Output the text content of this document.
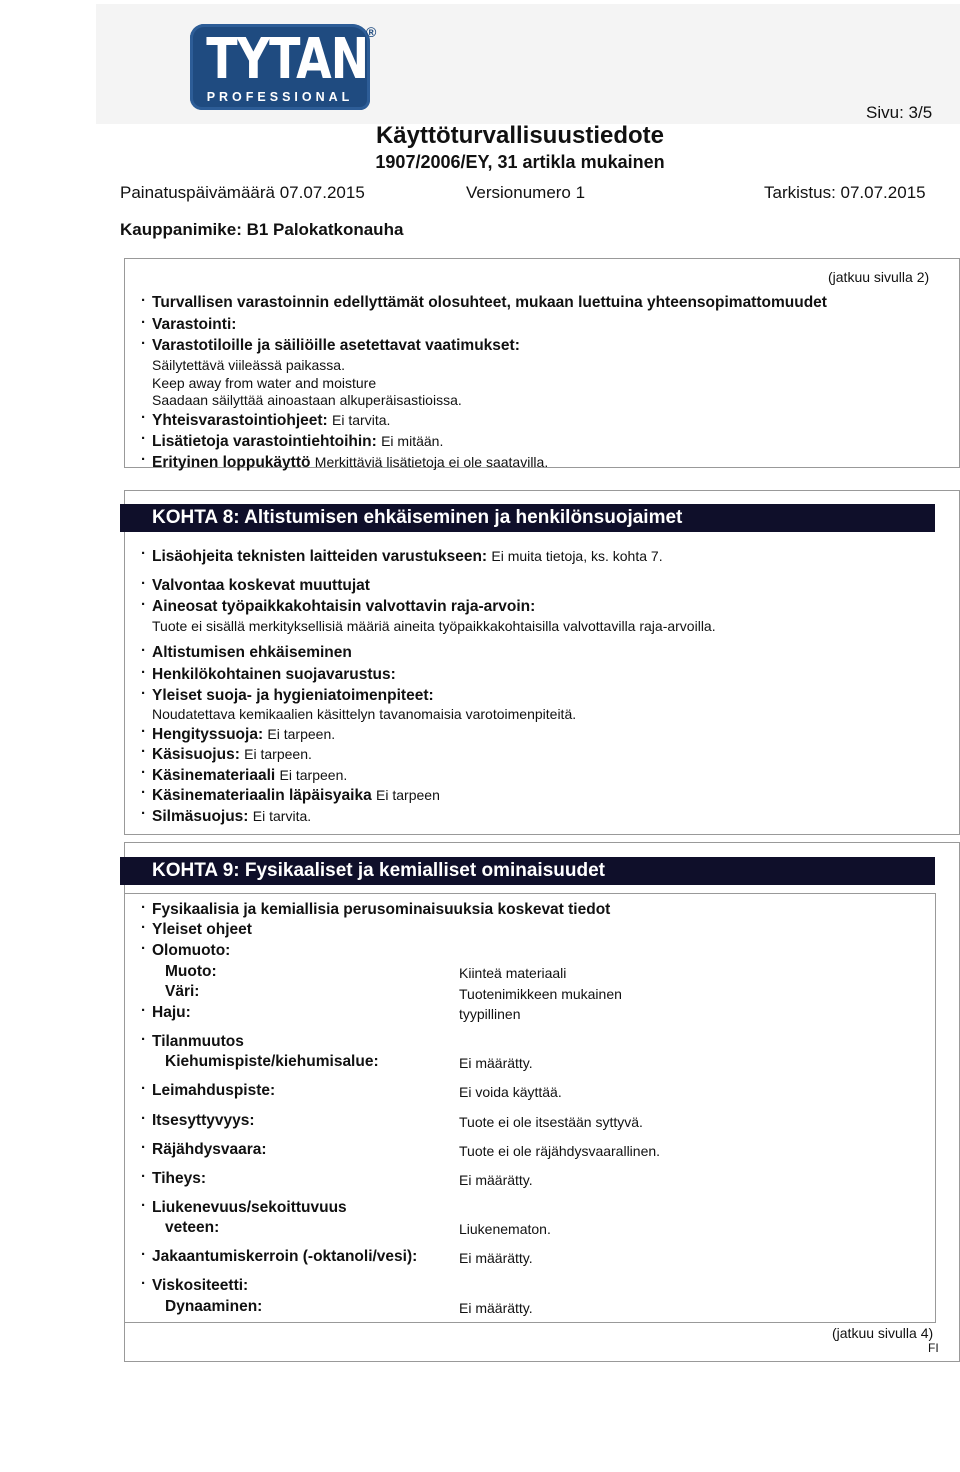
TYTAN
PROFESSIONAL
®
Sivu: 3/5
Käyttöturvallisuustiedote
1907/2006/EY, 31 artikla mukainen
Painatuspäivämäärä 07.07.2015	Versionumero 1	Tarkistus: 07.07.2015
Kauppanimike: B1 Palokatkonauha
(jatkuu sivulla 2)
· Turvallisen varastoinnin edellyttämät olosuhteet, mukaan luettuina yhteensopimattomuudet
· Varastointi:
· Varastotiloille ja säiliöille asetettavat vaatimukset:
Säilytettävä viileässä paikassa.
Keep away from water and moisture
Saadaan säilyttää ainoastaan alkuperäisastioissa.
· Yhteisvarastointiohjeet: Ei tarvita.
· Lisätietoja varastointiehtoihin: Ei mitään.
· Erityinen loppukäyttö Merkittäviä lisätietoja ei ole saatavilla.
KOHTA 8: Altistumisen ehkäiseminen ja henkilönsuojaimet
· Lisäohjeita teknisten laitteiden varustukseen: Ei muita tietoja, ks. kohta 7.
· Valvontaa koskevat muuttujat
· Aineosat työpaikkakohtaisin valvottavin raja-arvoin:
Tuote ei sisällä merkityksellisiä määriä aineita työpaikkakohtaisilla valvottavilla raja-arvoilla.
· Altistumisen ehkäiseminen
· Henkilökohtainen suojavarustus:
· Yleiset suoja- ja hygieniatoimenpiteet:
Noudatettava kemikaalien käsittelyn tavanomaisia varotoimenpiteitä.
· Hengityssuoja: Ei tarpeen.
· Käsisuojus: Ei tarpeen.
· Käsinemateriaali Ei tarpeen.
· Käsinemateriaalin läpäisyaika Ei tarpeen
· Silmäsuojus: Ei tarvita.
KOHTA 9: Fysikaaliset ja kemialliset ominaisuudet
· Fysikaalisia ja kemiallisia perusominaisuuksia koskevat tiedot
· Yleiset ohjeet
· Olomuoto:
Muoto:	Kiinteä materiaali
Väri:	Tuotenimikkeen mukainen
· Haju:	tyypillinen
· Tilanmuutos
Kiehumispiste/kiehumisalue:	Ei määrätty.
· Leimahduspiste:	Ei voida käyttää.
· Itsesyttyvyys:	Tuote ei ole itsestään syttyvä.
· Räjähdysvaara:	Tuote ei ole räjähdysvaarallinen.
· Tiheys:	Ei määrätty.
· Liukenevuus/sekoittuvuus
veteen:	Liukenematon.
· Jakaantumiskerroin (-oktanoli/vesi):	Ei määrätty.
· Viskositeetti:
Dynaaminen:	Ei määrätty.
(jatkuu sivulla 4)
FI
